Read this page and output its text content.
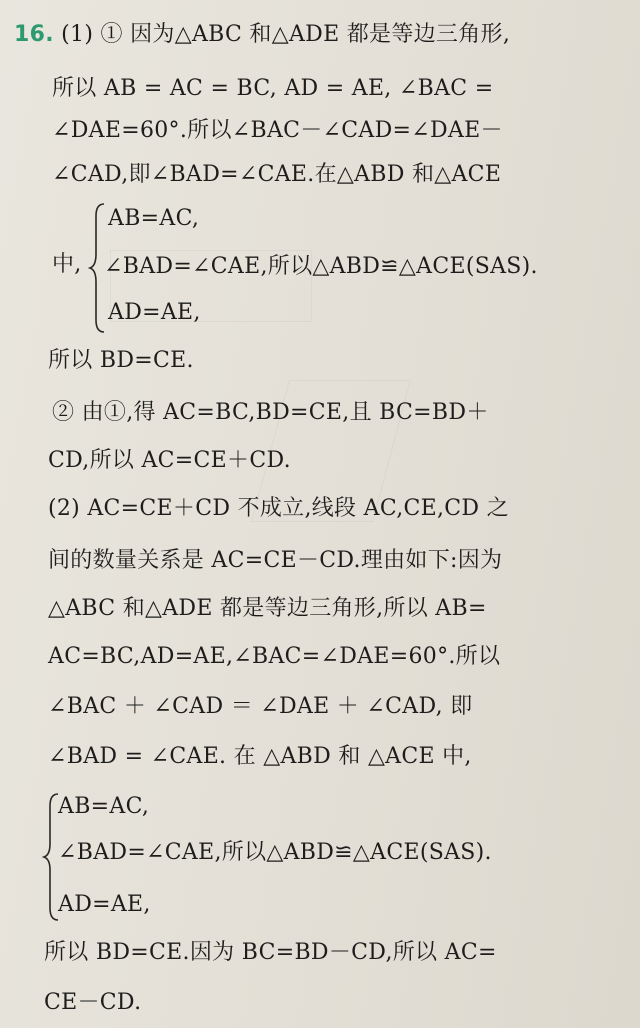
16. (1) ① 因为△ABC 和△ADE 都是等边三角形,
所以 AB = AC = BC, AD = AE, ∠BAC =
∠DAE=60°.所以∠BAC－∠CAD=∠DAE－
∠CAD,即∠BAD=∠CAE.在△ABD 和△ACE
AB=AC,
中, ∠BAD=∠CAE,所以△ABD≌△ACE(SAS).
AD=AE,
所以 BD=CE.
② 由①,得 AC=BC,BD=CE,且 BC=BD＋
CD,所以 AC=CE＋CD.
(2) AC=CE＋CD 不成立,线段 AC,CE,CD 之
间的数量关系是 AC=CE－CD.理由如下:因为
△ABC 和△ADE 都是等边三角形,所以 AB=
AC=BC,AD=AE,∠BAC=∠DAE=60°.所以
∠BAC ＋ ∠CAD ＝ ∠DAE ＋ ∠CAD, 即
∠BAD = ∠CAE. 在 △ABD 和 △ACE 中,
AB=AC,
∠BAD=∠CAE,所以△ABD≌△ACE(SAS).
AD=AE,
所以 BD=CE.因为 BC=BD－CD,所以 AC=
CE－CD.
